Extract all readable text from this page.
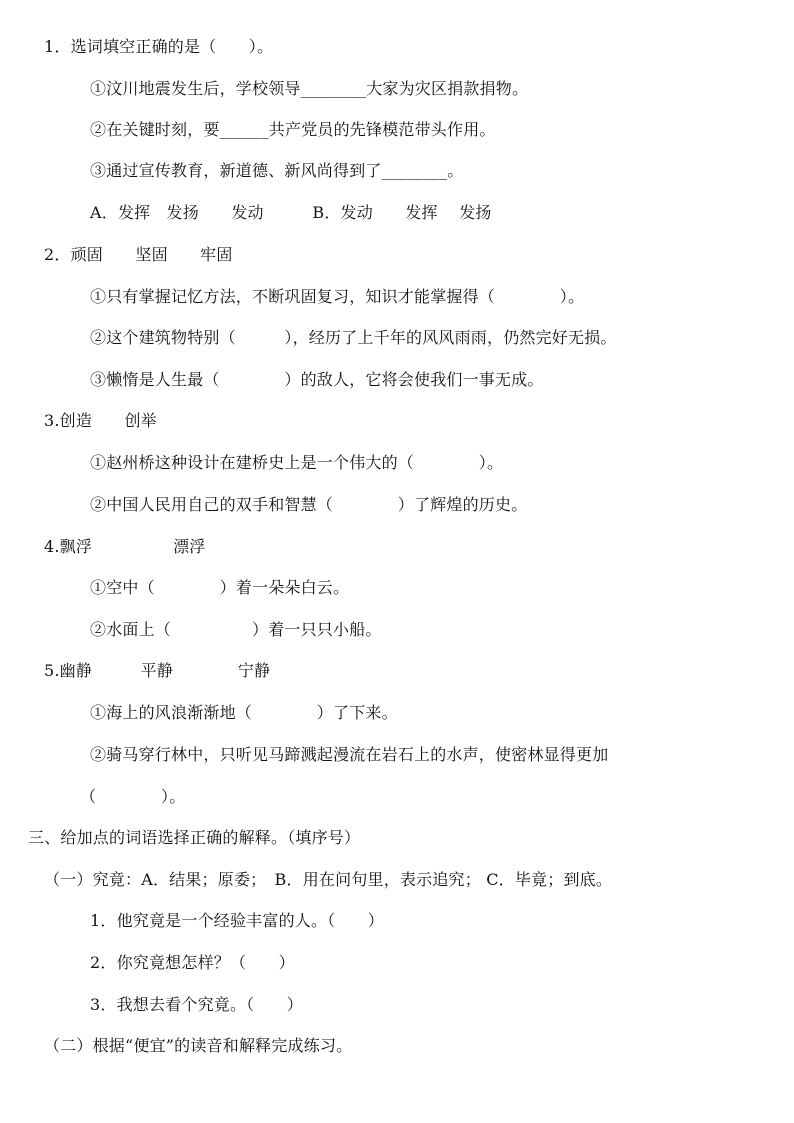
1．选词填空正确的是（　　）。
①汶川地震发生后，学校领导________大家为灾区捐款捐物。
②在关键时刻，要______共产党员的先锋模范带头作用。
③通过宣传教育，新道德、新风尚得到了________。
A．发挥　发扬　　发动　　　B．发动　　发挥　 发扬
2．顽固　　坚固　　牢固
①只有掌握记忆方法，不断巩固复习，知识才能掌握得（　　　　）。
②这个建筑物特别（　　　），经历了上千年的风风雨雨，仍然完好无损。
③懒惰是人生最（　　　　）的敌人，它将会使我们一事无成。
3.创造　　创举
①赵州桥这种设计在建桥史上是一个伟大的（　　　　）。
②中国人民用自己的双手和智慧（　　　　）了辉煌的历史。
4.飘浮　　　　　漂浮
①空中（　　　　）着一朵朵白云。
②水面上（　　　　　）着一只只小船。
5.幽静　　　平静　　　　宁静
①海上的风浪渐渐地（　　　　）了下来。
②骑马穿行林中，只听见马蹄溅起漫流在岩石上的水声，使密林显得更加
（　　　　）。
三、给加点的词语选择正确的解释。（填序号）
（一）究竟：A．结果；原委；　B．用在问句里，表示追究； C．毕竟；到底。
1．他究竟是一个经验丰富的人。（　　）
2．你究竟想怎样？（　　）
3．我想去看个究竟。（　　）
（二）根据“便宜”的读音和解释完成练习。
